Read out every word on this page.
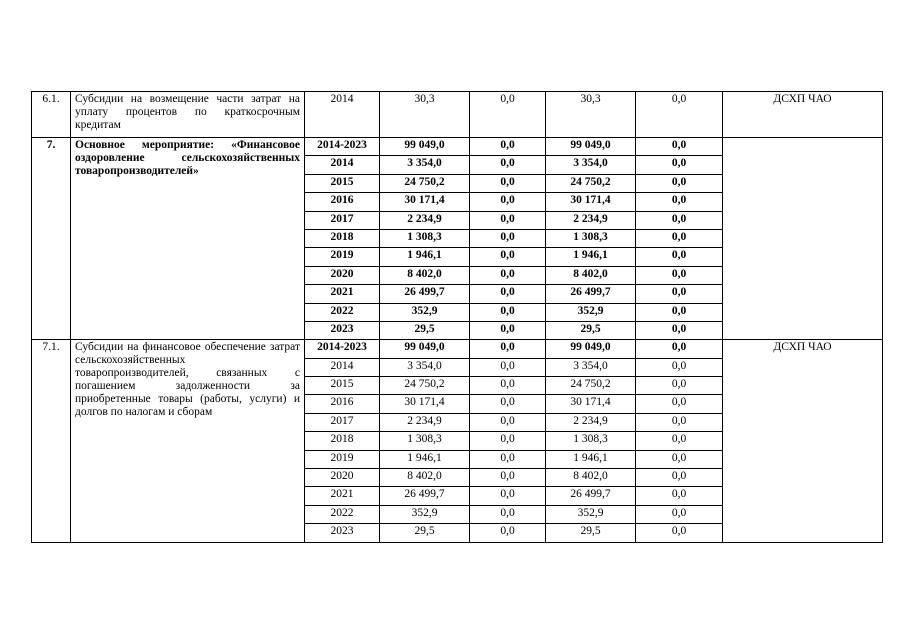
6.1.	Субсидии на возмещение части затрат на уплату процентов по краткосрочным кредитам	2014	30,3	0,0	30,3	0,0	ДСХП ЧАО
7.	Основное мероприятие: «Финансовое оздоровление сельскохозяйственных товаропроизводителей»	2014-2023	99 049,0	0,0	99 049,0	0,0	
		2014	3 354,0	0,0	3 354,0	0,0	
		2015	24 750,2	0,0	24 750,2	0,0	
		2016	30 171,4	0,0	30 171,4	0,0	
		2017	2 234,9	0,0	2 234,9	0,0	
		2018	1 308,3	0,0	1 308,3	0,0	
		2019	1 946,1	0,0	1 946,1	0,0	
		2020	8 402,0	0,0	8 402,0	0,0	
		2021	26 499,7	0,0	26 499,7	0,0	
		2022	352,9	0,0	352,9	0,0	
		2023	29,5	0,0	29,5	0,0	
7.1.	Субсидии на финансовое обеспечение затрат сельскохозяйственных товаропроизводителей, связанных с погашением задолженности за приобретенные товары (работы, услуги) и долгов по налогам и сборам	2014-2023	99 049,0	0,0	99 049,0	0,0	ДСХП ЧАО
		2014	3 354,0	0,0	3 354,0	0,0	
		2015	24 750,2	0,0	24 750,2	0,0	
		2016	30 171,4	0,0	30 171,4	0,0	
		2017	2 234,9	0,0	2 234,9	0,0	
		2018	1 308,3	0,0	1 308,3	0,0	
		2019	1 946,1	0,0	1 946,1	0,0	
		2020	8 402,0	0,0	8 402,0	0,0	
		2021	26 499,7	0,0	26 499,7	0,0	
		2022	352,9	0,0	352,9	0,0	
		2023	29,5	0,0	29,5	0,0	
